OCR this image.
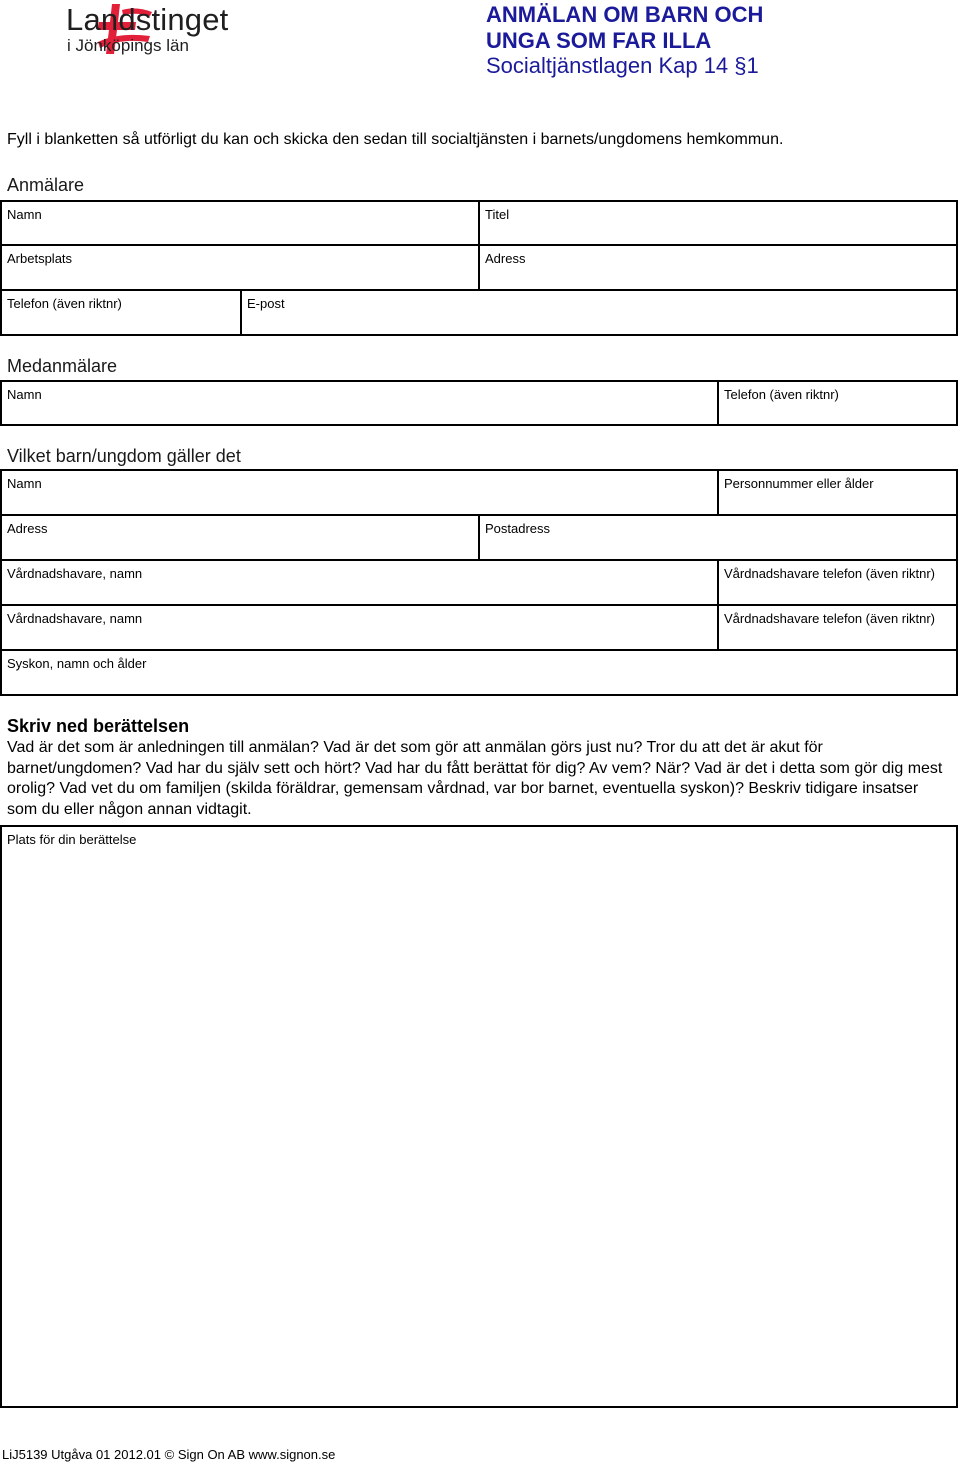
Landstinget
i Jönköpings län
ANMÄLAN OM BARN OCH
UNGA SOM FAR ILLA
Socialtjänstlagen Kap 14 §1
Fyll i blanketten så utförligt du kan och skicka den sedan till socialtjänsten i barnets/ungdomens hemkommun.
Anmälare
Namn	Titel
Arbetsplats	Adress
Telefon (även riktnr)	E-post
Medanmälare
Namn	Telefon (även riktnr)
Vilket barn/ungdom gäller det
Namn	Personnummer eller ålder
Adress	Postadress
Vårdnadshavare, namn	Vårdnadshavare telefon (även riktnr)
Vårdnadshavare, namn	Vårdnadshavare telefon (även riktnr)
Syskon, namn och ålder
Skriv ned berättelsen
Vad är det som är anledningen till anmälan? Vad är det som gör att anmälan görs just nu? Tror du att det är akut för barnet/ungdomen? Vad har du själv sett och hört? Vad har du fått berättat för dig? Av vem? När? Vad är det i detta som gör dig mest orolig? Vad vet du om familjen (skilda föräldrar, gemensam vårdnad, var bor barnet, eventuella syskon)? Beskriv tidigare insatser som du eller någon annan vidtagit.
Plats för din berättelse
LiJ5139 Utgåva 01 2012.01 © Sign On AB www.signon.se
